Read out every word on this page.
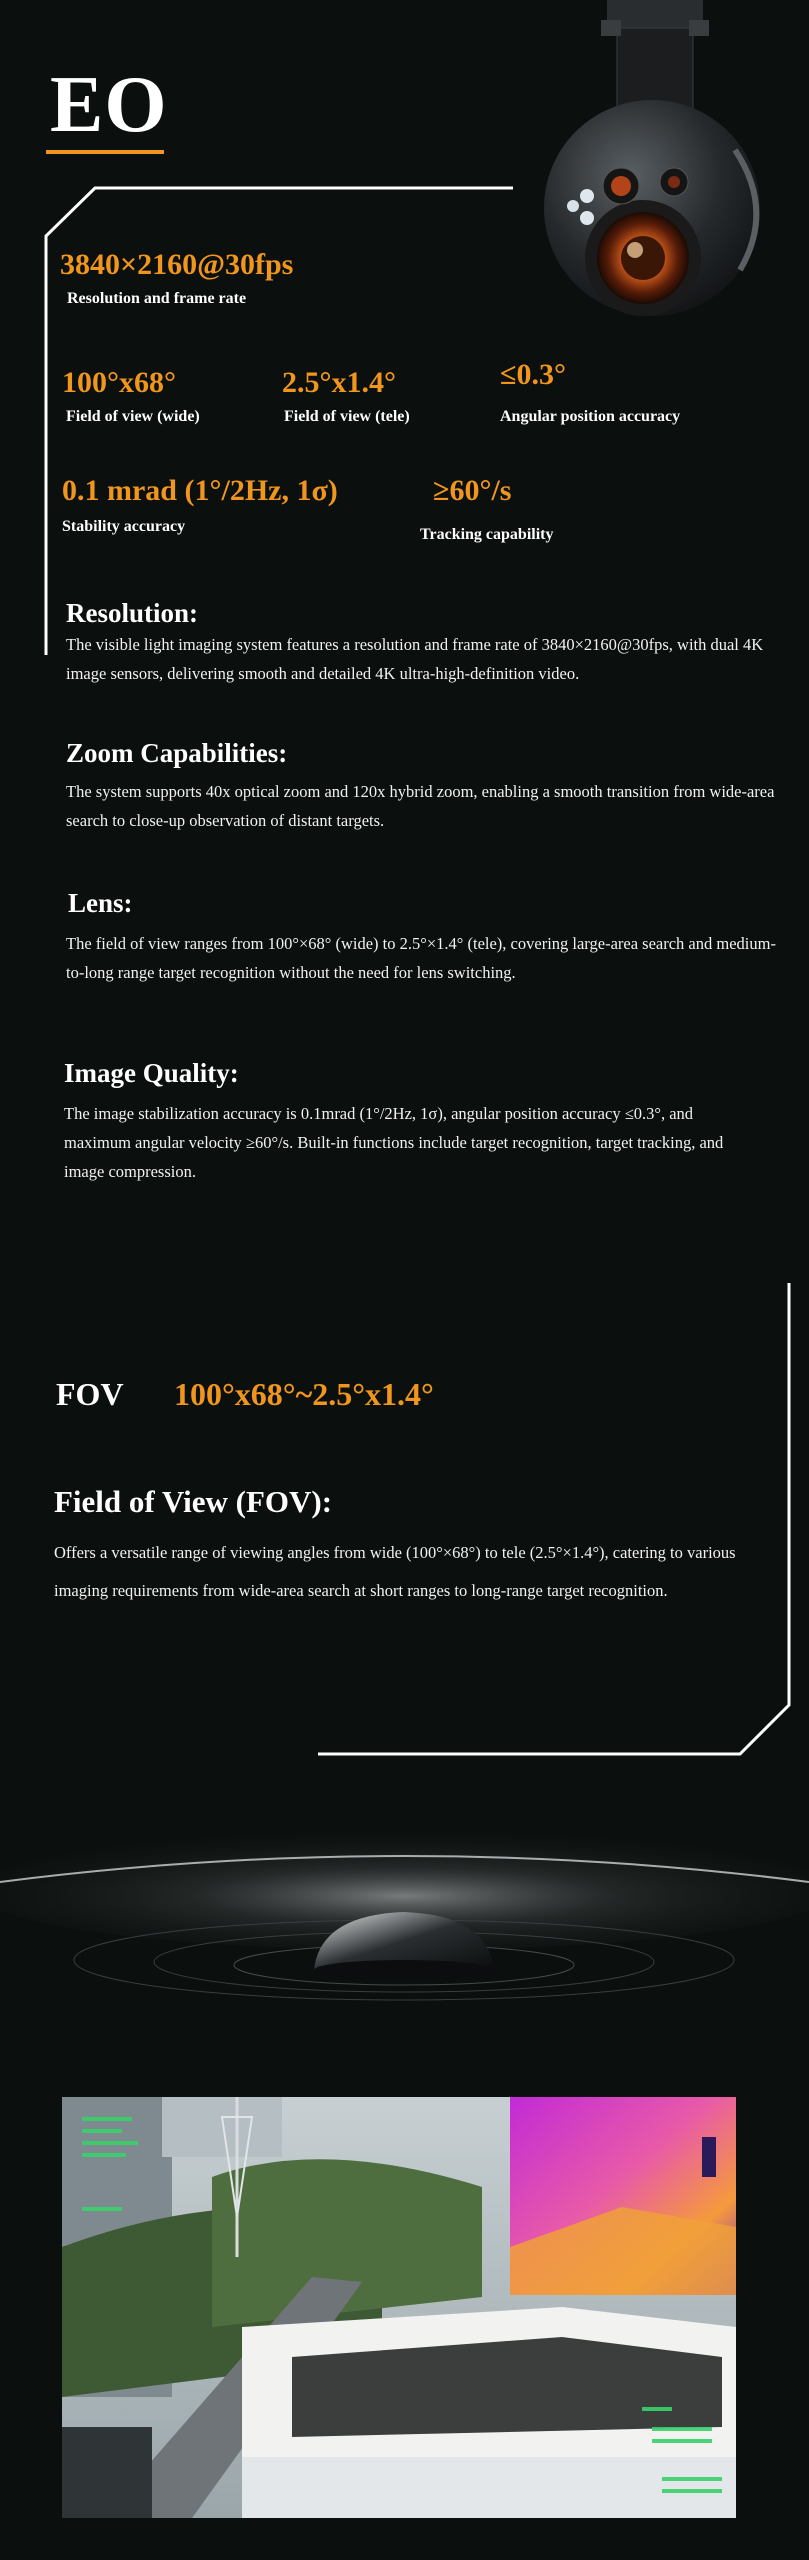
EO
3840×2160@30fps
Resolution and frame rate
100°x68°
Field of view (wide)
2.5°x1.4°
Field of view (tele)
≤0.3°
Angular position accuracy
0.1 mrad (1°/2Hz, 1σ)
Stability accuracy
≥60°/s
Tracking capability
Resolution:
The visible light imaging system features a resolution and frame rate of 3840×2160@30fps, with dual 4K image sensors, delivering smooth and detailed 4K ultra-high-definition video.
Zoom Capabilities:
The system supports 40x optical zoom and 120x hybrid zoom, enabling a smooth transition from wide-area search to close-up observation of distant targets.
Lens:
The field of view ranges from 100°×68° (wide) to 2.5°×1.4° (tele), covering large-area search and medium-to-long range target recognition without the need for lens switching.
Image Quality:
The image stabilization accuracy is 0.1mrad (1°/2Hz, 1σ), angular position accuracy ≤0.3°, and maximum angular velocity ≥60°/s. Built-in functions include target recognition, target tracking, and image compression.
FOV 100°x68°~2.5°x1.4°
Field of View (FOV):
Offers a versatile range of viewing angles from wide (100°×68°) to tele (2.5°×1.4°), catering to various imaging requirements from wide-area search at short ranges to long-range target recognition.
